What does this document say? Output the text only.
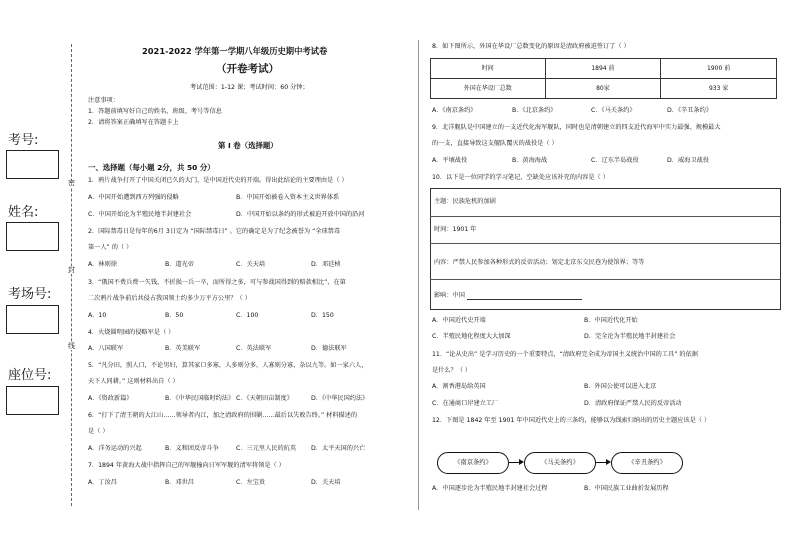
考号:
姓名:
考场号:
座位号:
密
封
线
2021-2022 学年第一学期八年级历史期中考试卷
（开卷考试）
考试范围：1-12 课；考试时间：60 分钟；
注意事项：
1．答题前填写好自己的姓名、班级、考号等信息
2．请将答案正确填写在答题卡上
第 I 卷（选择题）
一、选择题（每小题 2分，共 50 分）
1．鸦片战争打开了中国关闭已久的大门，是中国近代史的开端。得出此结论的主要理由是（ ）
A．中国开始遭到西方列强的侵略	B．中国开始被卷入资本主义世界体系
C．中国开始沦为半殖民地半封建社会	D．中国开始以条约的形式被迫开放中国的沿河
2．国际禁毒日是每年的6月 3日定为 “国际禁毒日” 。它的确定是为了纪念被誉为 “全球禁毒
第一人” 的（ ）
A．林则徐	B．道光帝	C．关天培	D．邓廷桢
3．“俄国不费兵费一矢钱，不折损一兵一卒，而所得之多，可与参战国得到的赔款相比”，在第
二次鸦片战争前后共侵占我国领土约多少万平方公里？（ ）
A．10	B．50	C．100	D．150
4．火烧圆明园的侵略军是（ ）
A．八国联军	B．英美联军	C．英法联军	D．德法联军
5．“凡分田，照人口，不论男妇，算其家口多寡，人多则分多，人寡则分寡，杂以九等。如一家六人，
天下人同耕。” 这则材料出自（ ）
A．《资政新篇》	B．《中华民国临时约法》 C．《天朝田亩制度》	D．《中华民国约法》
6．“打下了清王朝的大江山……领导者内江，加之清政府的围剿……最后以失败告终。” 材料描述的
是（ ）
A．洋务运动的兴起	B．义和团反帝斗争	C．三元里人民的抗英 D．太平天国的兴亡
7．1894 年黄海大战中指挥自己的军舰撞向日军军舰的清军将领是（ ）
A．丁汝昌	B．邓世昌	C．左宝贵	D．关天培
8．如下图所示，外国在华设厂总数变化的原因是清政府被迫签订了（ ）
时间	1894 前	1900 前
外国在华设厂总数	80家	933 家
A．《南京条约》	B．《北京条约》	C．《马关条约》	D．《辛丑条约》
9．北洋舰队是中国建立的一支近代化海军舰队，同时也是清朝建立的四支近代海军中实力最强、规模最大
的一支，直接导致这支舰队覆灭的战役是（ ）
A．平壤战役	B．黄海海战	C．辽东半岛战役	D．威海卫战役
10．以下是一位同学的学习笔记，空缺处应该补充的内容是（ ）
主题：民族危机的加剧
时间：1901 年
内容：严禁人民参加各种形式的反帝活动；划定北京东交民巷为使馆界；等等
影响：中国
A．中国近代史开端	B．中国近代化开始
C．半殖民地化程度大大加深	D．完全沦为半殖民地半封建社会
11．“论从史出” 是学习历史的一个重要特点，“清政府完全成为帝国主义统治中国的工具” 的依据
是什么？（ ）
A．割香港岛给英国	B．外国公使可以进入北京
C．在通商口岸建立工厂	D．清政府保证严禁人民的反帝活动
12．下图是 1842 年至 1901 年中国近代史上的三条约，能够以为线索归纳出的历史主题应该是（ ）
《南京条约》	《马关条约》	《辛丑条约》
A．中国逐步沦为半殖民地半封建社会过程	B．中国民族工业曲折发展历程
